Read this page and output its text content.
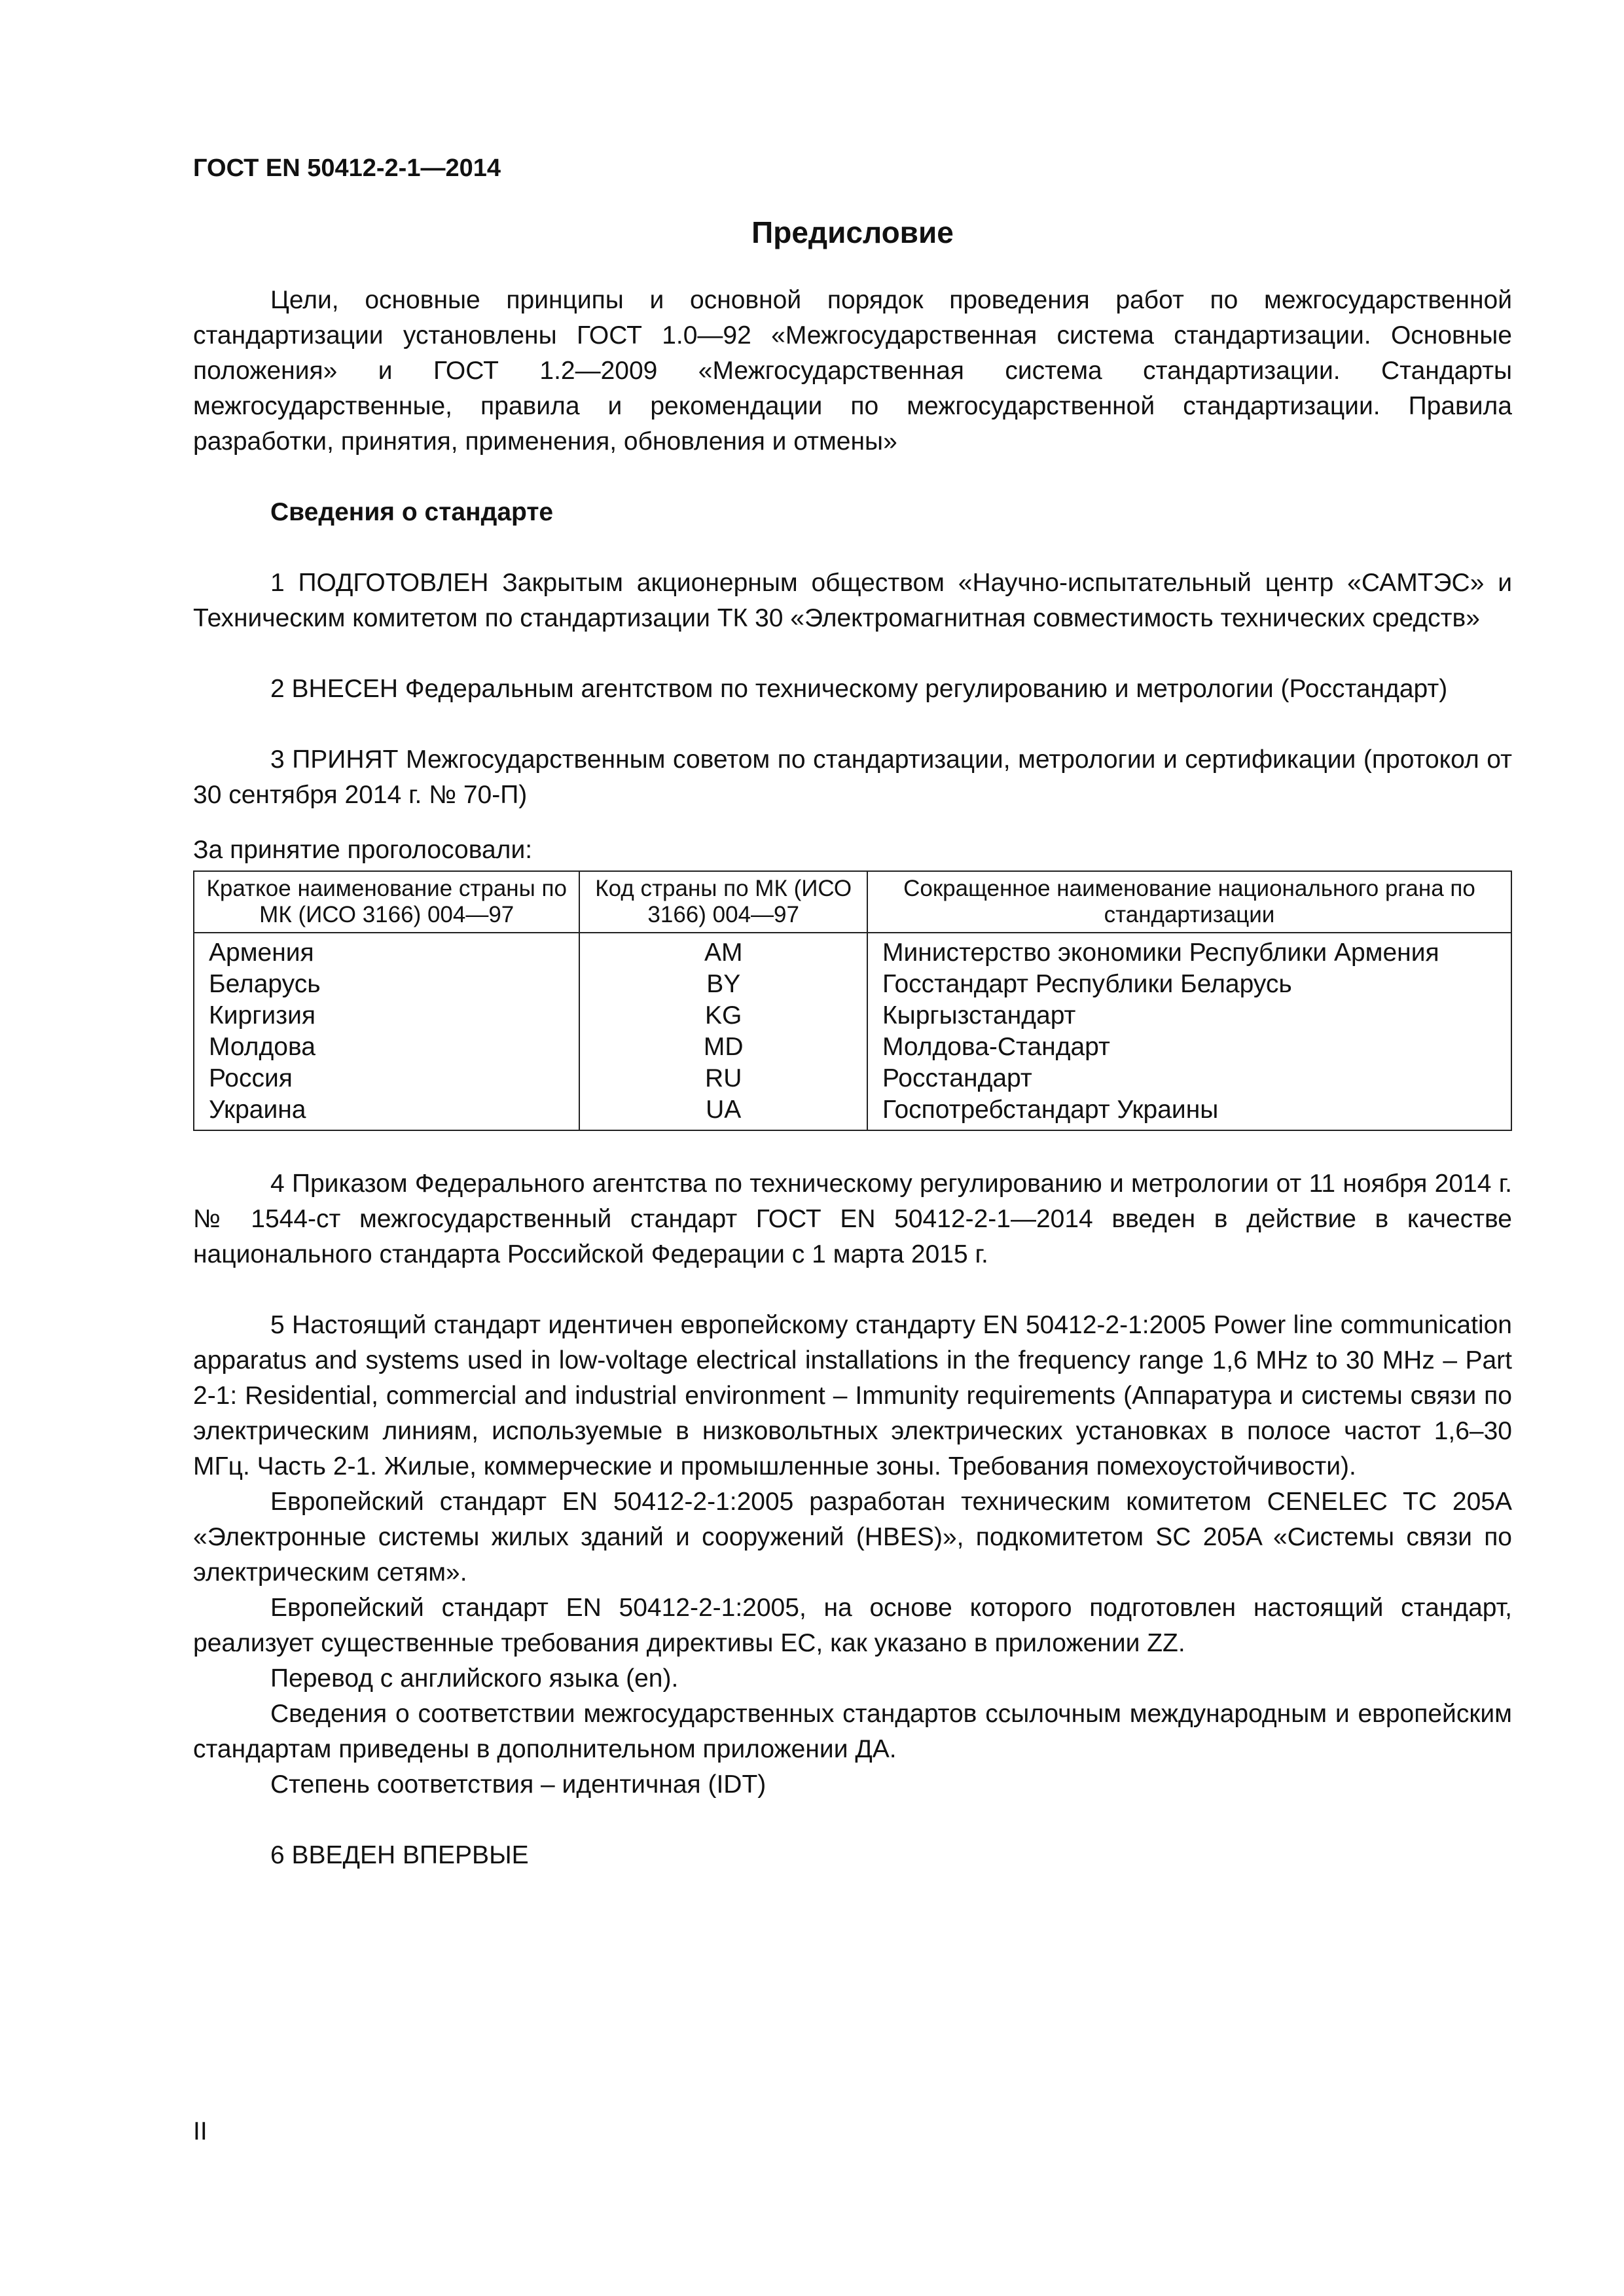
ГОСТ EN 50412-2-1—2014
Предисловие

Цели, основные принципы и основной порядок проведения работ по межгосударственной стандартизации установлены ГОСТ 1.0—92 «Межгосударственная система стандартизации. Основные положения» и ГОСТ 1.2—2009 «Межгосударственная система стандартизации. Стандарты межгосударственные, правила и рекомендации по межгосударственной стандартизации. Правила разработки, принятия, применения, обновления и отмены»

Сведения о стандарте

1 ПОДГОТОВЛЕН Закрытым акционерным обществом «Научно-испытательный центр «САМТЭС» и Техническим комитетом по стандартизации ТК 30 «Электромагнитная совместимость технических средств»

2 ВНЕСЕН Федеральным агентством по техническому регулированию и метрологии (Росстандарт)

3 ПРИНЯТ Межгосударственным советом по стандартизации, метрологии и сертификации (протокол от 30 сентября 2014 г. № 70-П)

За принятие проголосовали:

Краткое наименование страны по МК (ИСО 3166) 004—97	Код страны по МК (ИСО 3166) 004—97	Сокращенное наименование национального ргана по стандартизации
Армения	AM	Министерство экономики Республики Армения
Беларусь	BY	Госстандарт Республики Беларусь
Киргизия	KG	Кыргызстандарт
Молдова	MD	Молдова-Стандарт
Россия	RU	Росстандарт
Украина	UA	Госпотребстандарт Украины

4 Приказом Федерального агентства по техническому регулированию и метрологии от 11 ноября 2014 г. № 1544-ст межгосударственный стандарт ГОСТ EN 50412-2-1—2014 введен в действие в качестве национального стандарта Российской Федерации с 1 марта 2015 г.

5 Настоящий стандарт идентичен европейскому стандарту EN 50412-2-1:2005 Power line communication apparatus and systems used in low-voltage electrical installations in the frequency range 1,6 MHz to 30 MHz – Part 2-1: Residential, commercial and industrial environment – Immunity requirements (Аппаратура и системы связи по электрическим линиям, используемые в низковольтных электрических установках в полосе частот 1,6–30 МГц. Часть 2-1. Жилые, коммерческие и промышленные зоны. Требования помехоустойчивости).

Европейский стандарт EN 50412-2-1:2005 разработан техническим комитетом CENELEC TC 205A «Электронные системы жилых зданий и сооружений (HBES)», подкомитетом SC 205A «Системы связи по электрическим сетям».

Европейский стандарт EN 50412-2-1:2005, на основе которого подготовлен настоящий стандарт, реализует существенные требования директивы ЕС, как указано в приложении ZZ.

Перевод с английского языка (en).

Сведения о соответствии межгосударственных стандартов ссылочным международным и европейским стандартам приведены в дополнительном приложении ДА.

Степень соответствия – идентичная (IDT)

6 ВВЕДЕН ВПЕРВЫЕ

II
